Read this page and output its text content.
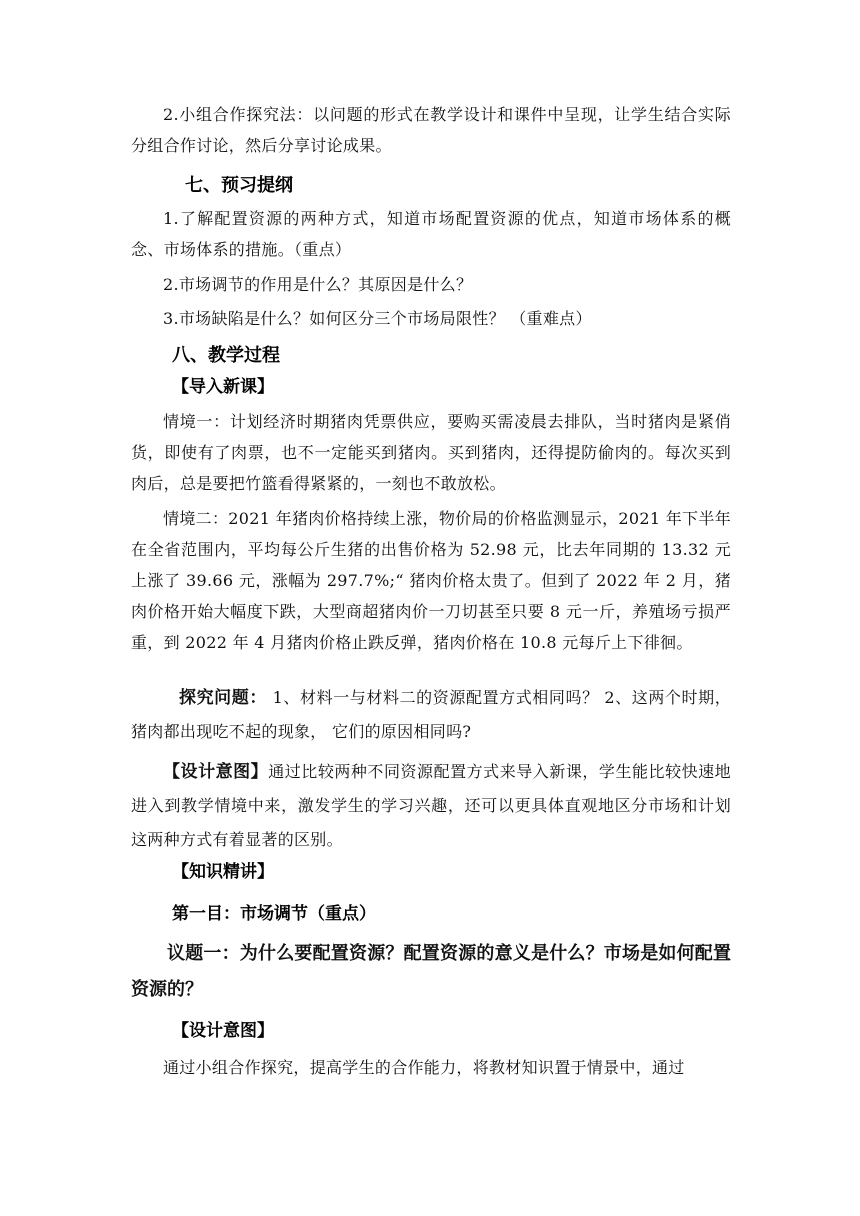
2.小组合作探究法：以问题的形式在教学设计和课件中呈现，让学生结合实际分组合作讨论，然后分享讨论成果。
七、预习提纲
1.了解配置资源的两种方式，知道市场配置资源的优点，知道市场体系的概念、市场体系的措施。（重点）
2.市场调节的作用是什么？其原因是什么？
3.市场缺陷是什么？如何区分三个市场局限性？ （重难点）
八、教学过程
【导入新课】
情境一：计划经济时期猪肉凭票供应，要购买需凌晨去排队，当时猪肉是紧俏货，即使有了肉票，也不一定能买到猪肉。买到猪肉，还得提防偷肉的。每次买到肉后，总是要把竹篮看得紧紧的，一刻也不敢放松。
情境二：2021 年猪肉价格持续上涨，物价局的价格监测显示，2021 年下半年在全省范围内，平均每公斤生猪的出售价格为 52.98 元，比去年同期的 13.32 元上涨了 39.66 元，涨幅为 297.7%;“ 猪肉价格太贵了。但到了 2022 年 2 月，猪肉价格开始大幅度下跌，大型商超猪肉价一刀切甚至只要 8 元一斤，养殖场亏损严重，到 2022 年 4 月猪肉价格止跌反弹，猪肉价格在 10.8 元每斤上下徘徊。
探究问题： 1、材料一与材料二的资源配置方式相同吗？ 2、这两个时期，猪肉都出现吃不起的现象， 它们的原因相同吗?
【设计意图】通过比较两种不同资源配置方式来导入新课，学生能比较快速地进入到教学情境中来，激发学生的学习兴趣，还可以更具体直观地区分市场和计划这两种方式有着显著的区别。
【知识精讲】
第一目：市场调节（重点）
议题一：为什么要配置资源？配置资源的意义是什么？市场是如何配置资源的？
【设计意图】
通过小组合作探究，提高学生的合作能力，将教材知识置于情景中，通过
